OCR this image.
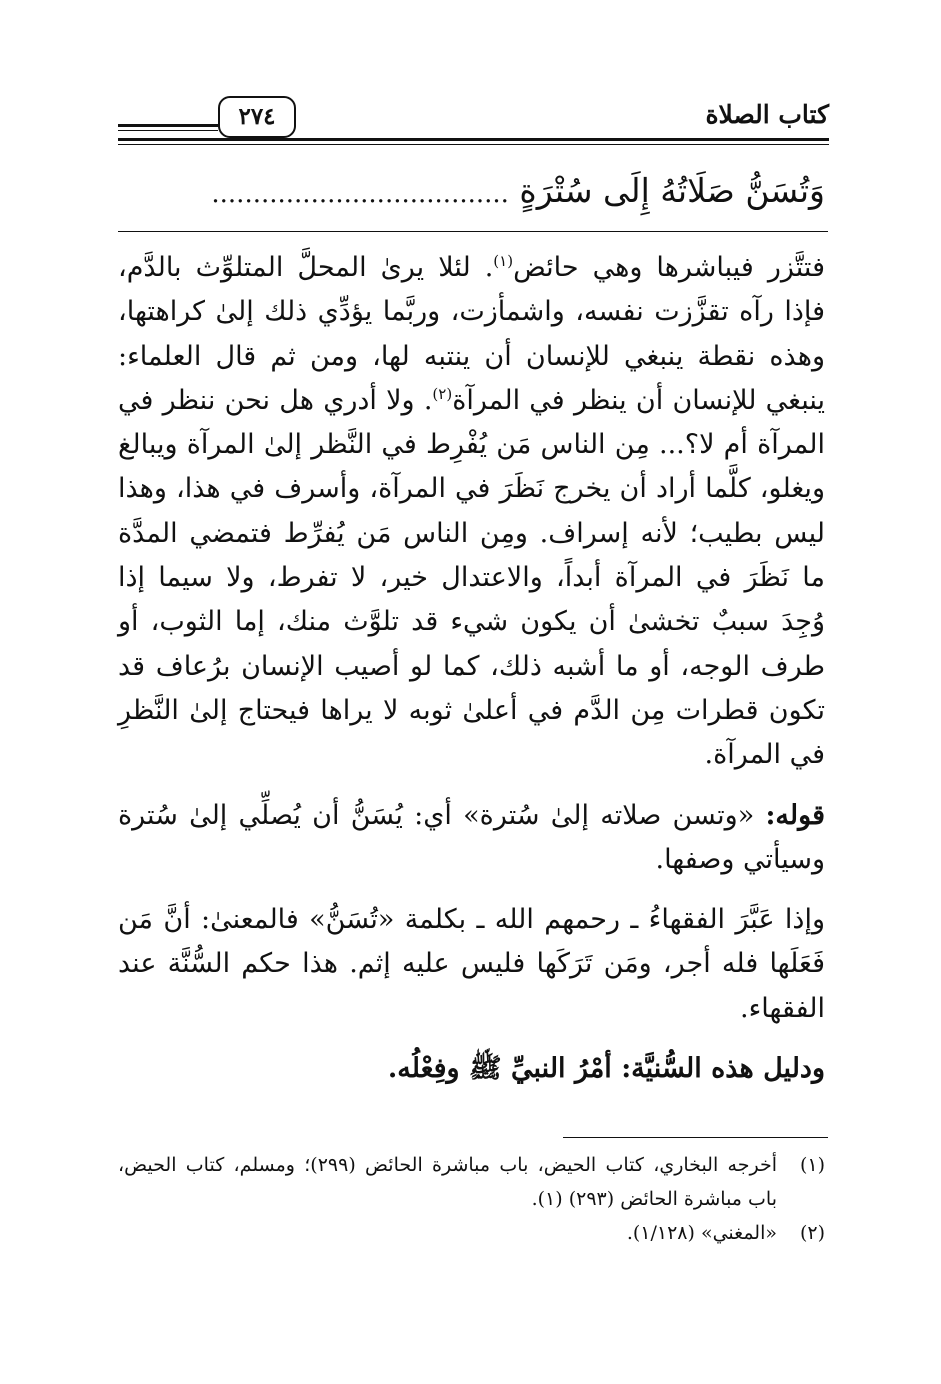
كتاب الصلاة
٢٧٤
وَتُسَنُّ صَلَاتُهُ إِلَى سُتْرَةٍ ....................................

فتتَّزر فيباشرها وهي حائض$^{(١)}$. لئلا يرىٰ المحلَّ المتلوِّث بالدَّم، فإذا رآه تقزَّزت نفسه، واشمأزت، وربَّما يؤدِّي ذلك إلىٰ كراهتها، وهذه نقطة ينبغي للإنسان أن ينتبه لها، ومن ثم قال العلماء: ينبغي للإنسان أن ينظر في المرآة$^{(٢)}$. ولا أدري هل نحن ننظر في المرآة أم لا؟... مِن الناس مَن يُفْرِط في النَّظر إلىٰ المرآة ويبالغ ويغلو، كلَّما أراد أن يخرج نَظَرَ في المرآة، وأسرف في هذا، وهذا ليس بطيب؛ لأنه إسراف. ومِن الناس مَن يُفرِّط فتمضي المدَّة ما نَظَرَ في المرآة أبداً، والاعتدال خير، لا تفرط، ولا سيما إذا وُجِدَ سببٌ تخشىٰ أن يكون شيء قد تلوَّث منك، إما الثوب، أو طرف الوجه، أو ما أشبه ذلك، كما لو أصيب الإنسان برُعاف قد تكون قطرات مِن الدَّم في أعلىٰ ثوبه لا يراها فيحتاج إلىٰ النَّظرِ في المرآة.

قوله: «وتسن صلاته إلىٰ سُترة» أي: يُسَنُّ أن يُصلِّي إلىٰ سُترة وسيأتي وصفها.

وإذا عَبَّرَ الفقهاءُ ـ رحمهم الله ـ بكلمة «تُسَنُّ» فالمعنىٰ: أنَّ مَن فَعَلَها فله أجر، ومَن تَرَكَها فليس عليه إثم. هذا حكم السُّنَّة عند الفقهاء.

ودليل هذه السُّنيَّة: أمْرُ النبيِّ ﷺ وفِعْلُه.

(١)
أخرجه البخاري، كتاب الحيض، باب مباشرة الحائض (٢٩٩)؛ ومسلم، كتاب الحيض، باب مباشرة الحائض (٢٩٣) (١).
(٢)
«المغني» (١/١٢٨).
